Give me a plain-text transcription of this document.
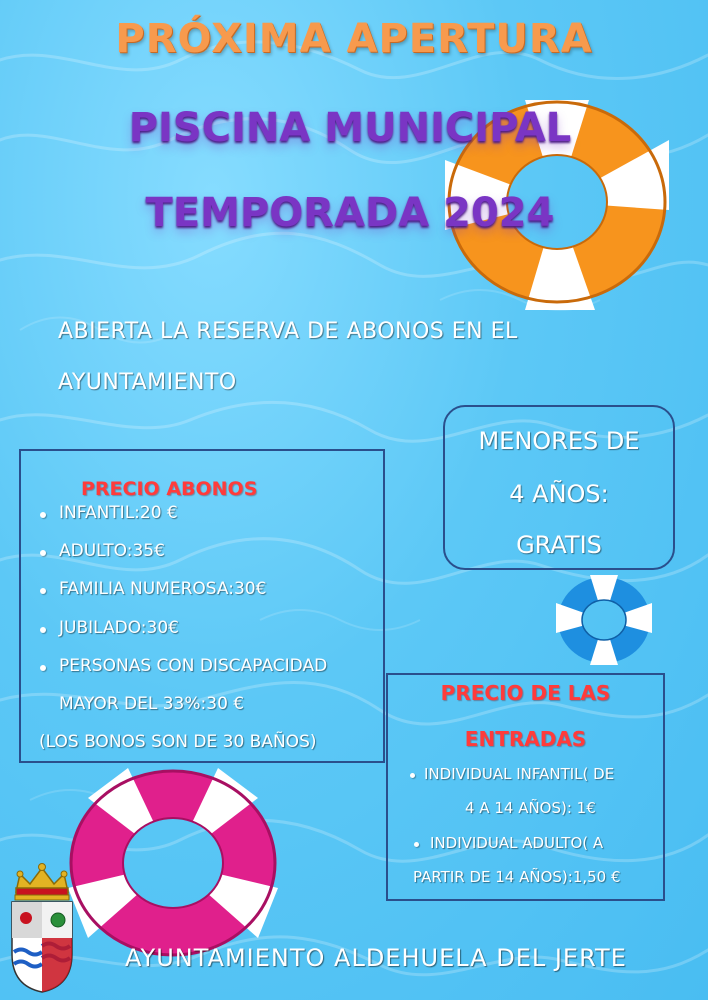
PRÓXIMA APERTURA
PISCINA MUNICIPAL
TEMPORADA 2024

ABIERTA LA RESERVA DE ABONOS EN EL

AYUNTAMIENTO

MENORES DE
4 AÑOS:
GRATIS
PRECIO ABONOS
INFANTIL:20 €
ADULTO:35€
FAMILIA NUMEROSA:30€
JUBILADO:30€
PERSONAS CON DISCAPACIDAD
MAYOR DEL 33%:30 €
(LOS BONOS SON DE 30 BAÑOS)
PRECIO DE LAS
ENTRADAS
INDIVIDUAL INFANTIL( DE
4 A 14 AÑOS): 1€
INDIVIDUAL ADULTO( A
PARTIR DE 14 AÑOS):1,50 €

AYUNTAMIENTO ALDEHUELA DEL JERTE
